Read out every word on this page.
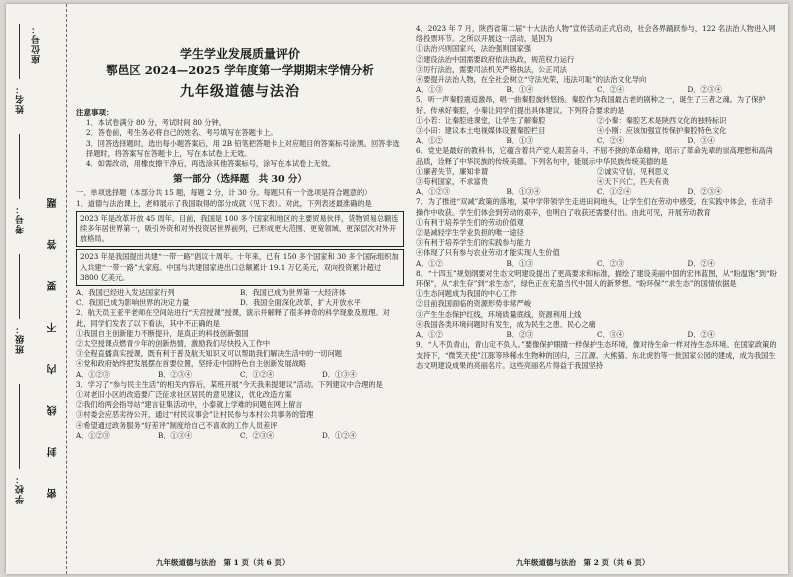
学校：
班级：
考号：
姓名：
座位号：
密 封 线 内 不 要 答 题
学生学业发展质量评价
鄠邑区 2024—2025 学年度第一学期期末学情分析
九年级道德与法治
注意事项：
1．本试卷满分 80 分，考试时间 80 分钟。
2．答卷前，考生务必将自己的姓名、考号填写在答题卡上。
3．回答选择题时，选出每小题答案后，用 2B 铅笔把答题卡上对应题目的答案标号涂黑。回答非选择题时，将答案写在答题卡上，写在本试卷上无效。
4．如需改动，用橡皮擦干净后，再选涂其他答案标号，涂写在本试卷上无效。
第一部分（选择题　共 30 分）
一、单项选择题（本部分共 15 题，每题 2 分，计 30 分。每题只有一个选项是符合题意的）
1．道德与法治课上，老师展示了我国取得的部分成就（见下表）。对此，下列表述最准确的是
2023 年是改革开放 45 周年。目前，我国是 100 多个国家和地区的主要贸易伙伴，货物贸易总额连续多年居世界第一，吸引外资和对外投资居世界前列，已形成更大范围、更宽领域、更深层次对外开放格局。
2023 年是我国提出共建“一带一路”倡议十周年。十年来，已有 150 多个国家和 30 多个国际组织加入共建“一带一路”大家庭。中国与共建国家进出口总额累计 19.1 万亿美元，双向投资累计超过 3800 亿美元。
A．我国已经进入发达国家行列	B．我国已成为世界第一大经济体
C．我国已成为影响世界的决定力量	D．我国全面深化改革，扩大开放水平
2．航天员王亚平老师在空间站进行“天宫授课”授课，演示并解释了很多神奇的科学现象及原理。对此，同学们发表了以下看法，其中不正确的是
①我国自主创新能力不断提升，是真正的科技创新强国
②太空授课点燃青少年的创新热情，激励我们尽快投入工作中
③全程直播真实授课，既有利于普及航天知识又可以帮助我们解决生活中的一切问题
④党和政府始终把发展摆在首要位置，坚持走中国特色自主创新发展战略
A．①②③	B．②③④	C．①②④	D．①③④
3．学习了“参与民主生活”的相关内容后，某班开展“今天我来提建议”活动。下列建议中合理的是
①对老旧小区的改造要广泛征求社区居民的意见建议，优化改造方案
②我们给两会指导站“建言征集活动中，小泰就上学难的问题在网上留言
③村委会应恶劣待公开，通过“村民议事会”让村民参与本村公共事务的管理
④希望通过政务服务“好差评”制度给自己不喜欢的工作人员差评
A．①②③	B．①③④	C．②③④	D．①②④
4．2023 年 7 月，陕西省第二届“十大法治人物”宣传活动正式启动，社会各界踊跃参与，122 名法治人物进入网络投票环节。之所以开展这一活动，是因为
①法治兴则国家兴，法治强则国家强
②建设法治中国需要政府依法执政，规范权力运行
③厉行法治，需要司法机关严格执法，公正司法
④要提升法治人物，在全社会树立“守法光荣，违法可耻”的法治文化导向
A．①③	B．①④	C．②④	D．②③④
5．听一声秦腔震迢激昂，唱一曲秦腔旋转悠扬。秦腔作为我国最古老的剧种之一，诞生了三者之魂。为了保护好、传承好秦腔，小秦让同学们提出具体建议。下列符合要求的是
①小若：让秦腔进课堂，让学生了解秦腔	②小秦：秦腔艺术是陕西文化的独特标识
③小田：建议本土电视媒体设置秦腔栏目	④小刚：应该加强宣传保护秦腔特色文化
A．①②	B．①③	C．②④	D．③④
6．党史是最好的教科书，它蕴含着共产党人艰苦奋斗、不屈不挠的革命精神，昭示了革命先辈的崇高理想和高尚品质，诠释了中华民族的传统美德。下列名句中，能展示中华民族传统美德的是
①廉者失节，廉知非谓	②诚实守信，见利思义
③苟利国家，不求富贵	④天下兴亡，匹夫有责
A．①②③	B．①③④	C．①②④	D．②③④
7．为了推进“双减”政策的落地，某中学带领学生走进田间地头，让学生们在劳动中感受，在实践中体会，在动手操作中收获。学生们体会到劳动的艰辛，也明白了收获还需要付出。由此可见，开展劳动教育
①有利于培养学生们的劳动价值观
②是减轻学生学业负担的唯一途径
③有利于培养学生们的实践参与能力
④体现了只有参与农业劳动才能实现人生价值
A．①②	B．①③	C．②③	D．②④
8．“十四五”规划纲要对生态文明建设提出了更高要求和标准，描绘了建设美丽中国的宏伟蓝图，从“盼温饱”到“盼环保”，从“求生存”到“求生态”，绿色正在充盈当代中国人的新梦想。“盼环保”“求生态”的国情依据是
①生态问题成为我国的中心工作
②目前我国面临的资源形势非常严峻
③产生生态保护红线，环境质量底线，资源利用上线
④我国各类环境问题时有发生，成为民生之患、民心之痛
A．①②	B．②③	C．③④	D．②④
9．“人不负青山，青山定不负人。”要像保护眼睛一样保护生态环境，像对待生命一样对待生态环境。在国家政策的支持下，“微笑天使”江豚等珍稀水生物种的回归，三江源、大熊猫、东北虎豹等一批国家公园的建成，成为我国生态文明建设成果的亮丽名片。这些亮丽名片得益于我国坚持
九年级道德与法治　第 1 页（共 6 页）	九年级道德与法治　第 2 页（共 6 页）
